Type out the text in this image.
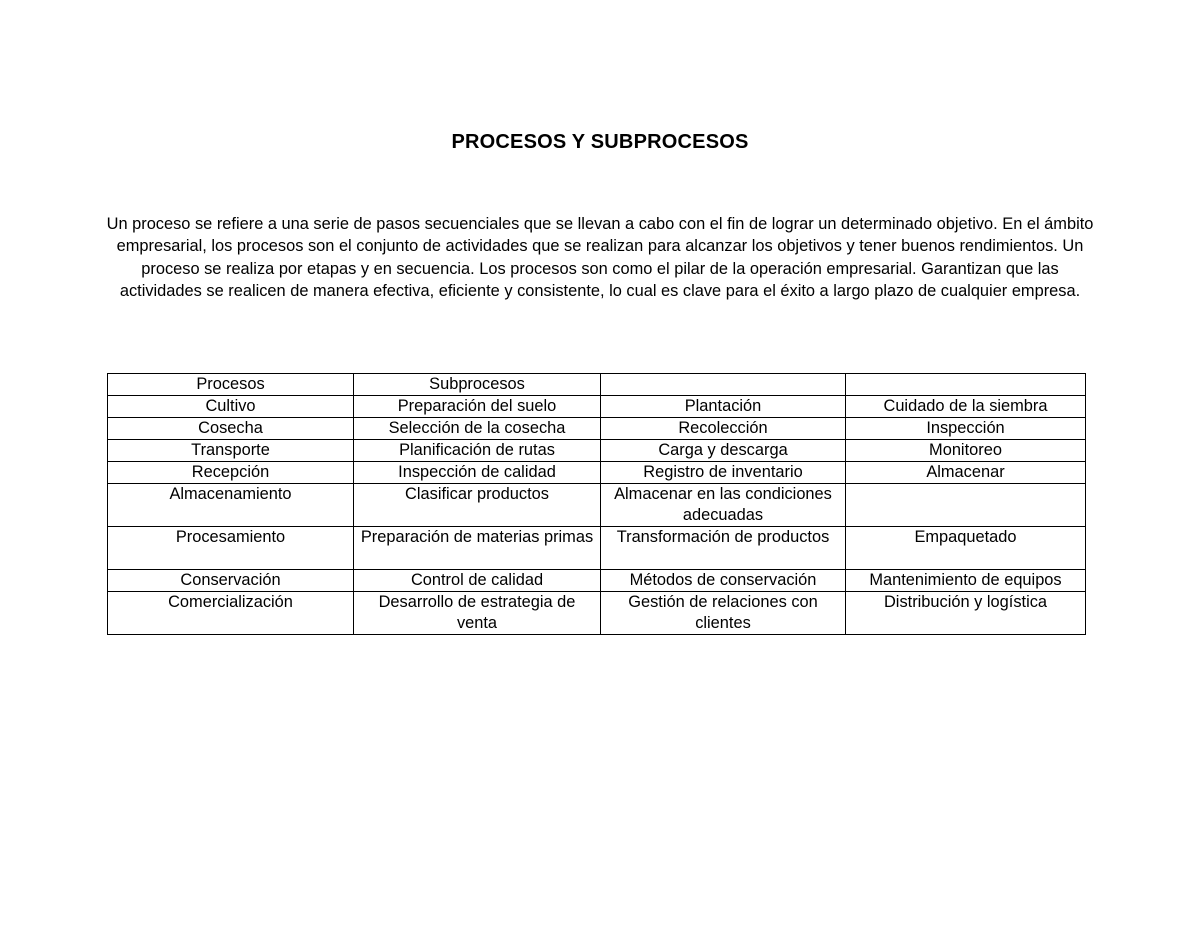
PROCESOS Y SUBPROCESOS

Un proceso se refiere a una serie de pasos secuenciales que se llevan a cabo con el fin de lograr un determinado objetivo. En el ámbito empresarial, los procesos son el conjunto de actividades que se realizan para alcanzar los objetivos y tener buenos rendimientos. Un proceso se realiza por etapas y en secuencia. Los procesos son como el pilar de la operación empresarial. Garantizan que las actividades se realicen de manera efectiva, eficiente y consistente, lo cual es clave para el éxito a largo plazo de cualquier empresa.

Procesos	Subprocesos		
Cultivo	Preparación del suelo	Plantación	Cuidado de la siembra
Cosecha	Selección de la cosecha	Recolección	Inspección
Transporte	Planificación de rutas	Carga y descarga	Monitoreo
Recepción	Inspección de calidad	Registro de inventario	Almacenar
Almacenamiento	Clasificar productos	Almacenar en las condiciones adecuadas	
Procesamiento	Preparación de materias primas	Transformación de productos	Empaquetado
Conservación	Control de calidad	Métodos de conservación	Mantenimiento de equipos
Comercialización	Desarrollo de estrategia de venta	Gestión de relaciones con clientes	Distribución y logística
